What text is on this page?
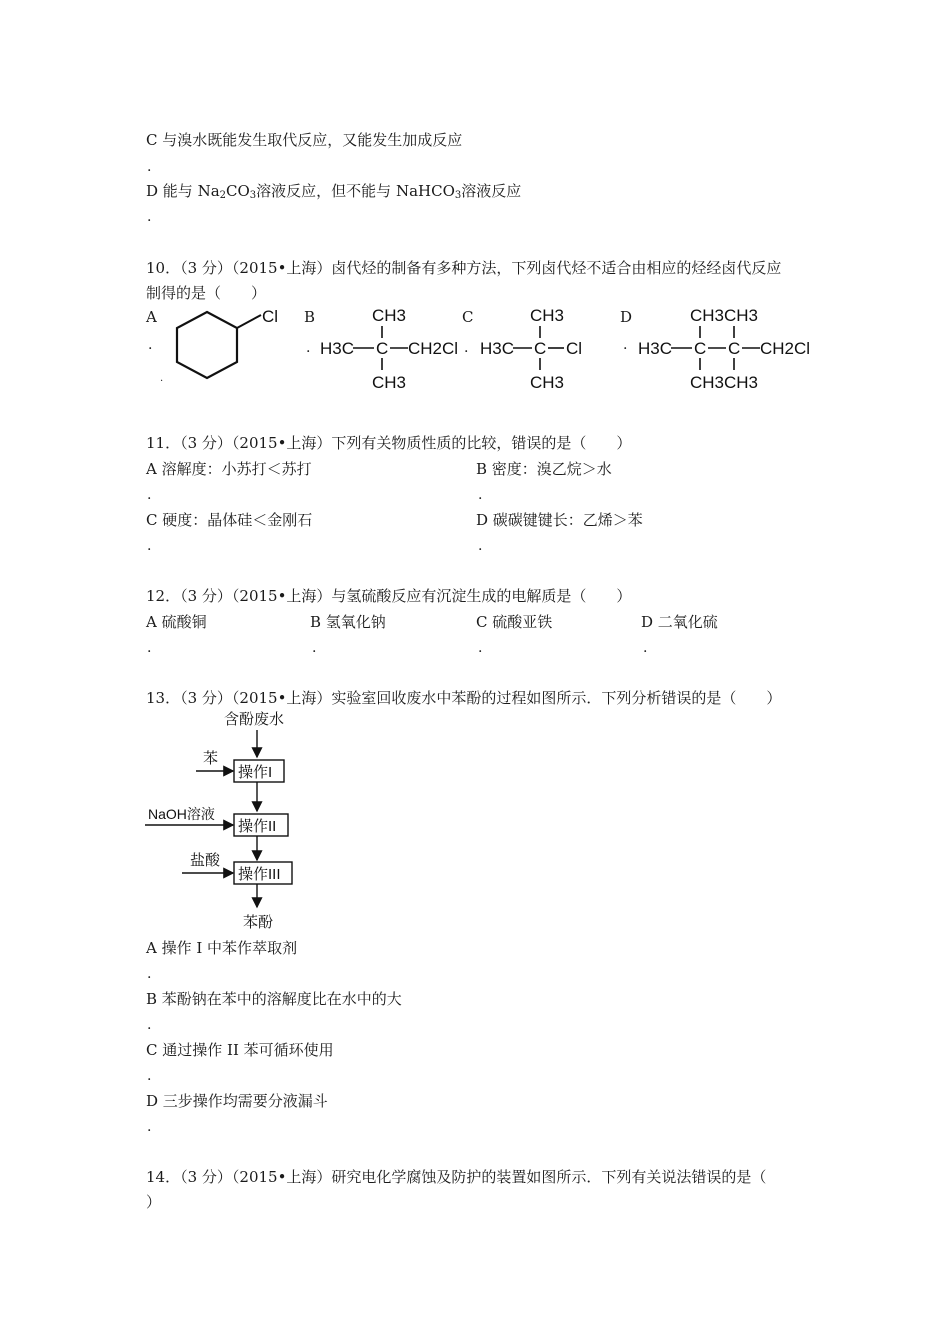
C 与溴水既能发生取代反应，又能发生加成反应
.
D 能与 $Na_2CO_3$溶液反应，但不能与 NaHCO$_3$溶液反应
.
10．（3 分）（2015•上海）卤代烃的制备有多种方法，下列卤代烃不适合由相应的烃经卤代反应
制得的是（　　）
A
.
.
Cl B
.
CH3
H3C C CH2Cl
CH3
C
.
CH3
H3C C Cl
CH3
D
.
CH3 CH3
H3C C C CH2Cl
CH3 CH3
11．（3 分）（2015•上海）下列有关物质性质的比较，错误的是（　　）
A 溶解度：小苏打＜苏打	B 密度：溴乙烷＞水
.	.
C 硬度：晶体硅＜金刚石	D 碳碳键键长：乙烯＞苯
.	.
12．（3 分）（2015•上海）与氢硫酸反应有沉淀生成的电解质是（　　）
A 硫酸铜	B 氢氧化钠	C 硫酸亚铁	D 二氧化硫
.	.	.	.
13．（3 分）（2015•上海）实验室回收废水中苯酚的过程如图所示．下列分析错误的是（　　）
含酚废水
苯
操作I
NaOH溶液
操作II
盐酸
操作III
苯酚
A 操作 I 中苯作萃取剂
.
B 苯酚钠在苯中的溶解度比在水中的大
.
C 通过操作 II 苯可循环使用
.
D 三步操作均需要分液漏斗
.
14．（3 分）（2015•上海）研究电化学腐蚀及防护的装置如图所示．下列有关说法错误的是（
）
